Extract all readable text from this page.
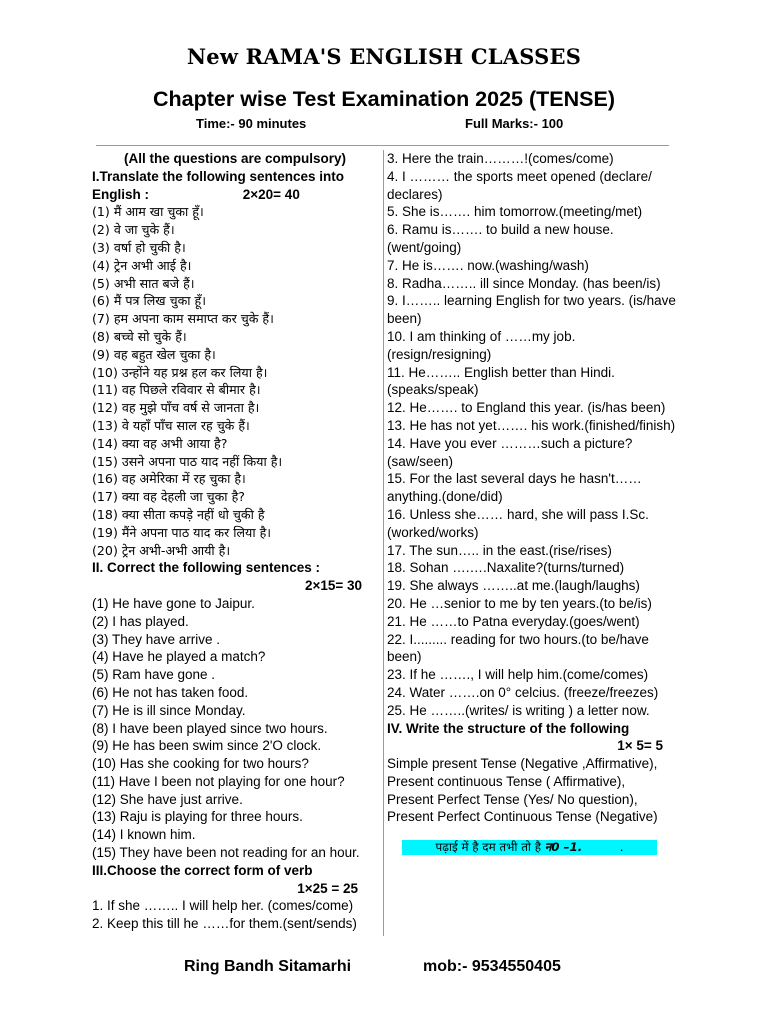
New RAMA'S ENGLISH CLASSES
Chapter wise Test Examination 2025 (TENSE)
Time:- 90 minutes	Full Marks:- 100
(All the questions are compulsory)
I.Translate the following sentences into
English :	2×20= 40
(1) मैं आम खा चुका हूँ।
(2) वे जा चुके हैं।
(3) वर्षा हो चुकी है।
(4) ट्रेन अभी आई है।
(5) अभी सात बजे हैं।
(6) मैं पत्र लिख चुका हूँ।
(7) हम अपना काम समाप्त कर चुके हैं।
(8) बच्चे सो चुके हैं।
(9) वह बहुत खेल चुका है।
(10) उन्होंने यह प्रश्न हल कर लिया है।
(11) वह पिछले रविवार से बीमार है।
(12) वह मुझे पाँच वर्ष से जानता है।
(13) वे यहाँ पाँच साल रह चुके हैं।
(14) क्या वह अभी आया है?
(15) उसने अपना पाठ याद नहीं किया है।
(16) वह अमेरिका में रह चुका है।
(17) क्या वह देहली जा चुका है?
(18) क्या सीता कपड़े नहीं धो चुकी है
(19) मैंने अपना पाठ याद कर लिया है।
(20) ट्रेन अभी-अभी आयी है।
II. Correct the following sentences :
2×15= 30
(1) He have gone to Jaipur.
(2) I has played.
(3) They have arrive .
(4) Have he played a match?
(5) Ram have gone .
(6) He not has taken food.
(7) He is ill since Monday.
(8) I have been played since two hours.
(9) He has been swim since 2'O clock.
(10) Has she cooking for two hours?
(11) Have I been not playing for one hour?
(12) She have just arrive.
(13) Raju is playing for three hours.
(14) I known him.
(15) They have been not reading for an hour.
III.Choose the correct form of verb
1×25 = 25
1. If she …….. I will help her. (comes/come)
2. Keep this till he ……for them.(sent/sends)
3. Here the train………!(comes/come)
4. I ……… the sports meet opened (declare/ declares)
5. She is……. him tomorrow.(meeting/met)
6. Ramu is……. to build a new house. (went/going)
7. He is……. now.(washing/wash)
8. Radha…….. ill since Monday. (has been/is)
9. I…….. learning English for two years. (is/have been)
10. I am thinking of ……my job.(resign/resigning)
11. He…….. English better than Hindi.(speaks/speak)
12. He……. to England this year. (is/has been)
13. He has not yet……. his work.(finished/finish)
14. Have you ever ………such a picture? (saw/seen)
15. For the last several days he hasn't…… anything.(done/did)
16. Unless she…… hard, she will pass I.Sc. (worked/works)
17. The sun….. in the east.(rise/rises)
18. Sohan ….….Naxalite?(turns/turned)
19. She always ……..at me.(laugh/laughs)
20. He …senior to me by ten years.(to be/is)
21. He ……to Patna everyday.(goes/went)
22. I......... reading for two hours.(to be/have been)
23. If he ……., I will help him.(come/comes)
24. Water …….on 0° celcius. (freeze/freezes)
25. He ……..(writes/ is writing ) a letter now.
IV. Write the structure of the following
1× 5= 5
Simple present Tense (Negative ,Affirmative),
Present continuous Tense ( Affirmative),
Present Perfect Tense (Yes/ No question),
Present Perfect Continuous Tense (Negative)
पढ़ाई में है दम तभी तो है न0 –1.          .
Ring Bandh Sitamarhi	mob:- 9534550405
